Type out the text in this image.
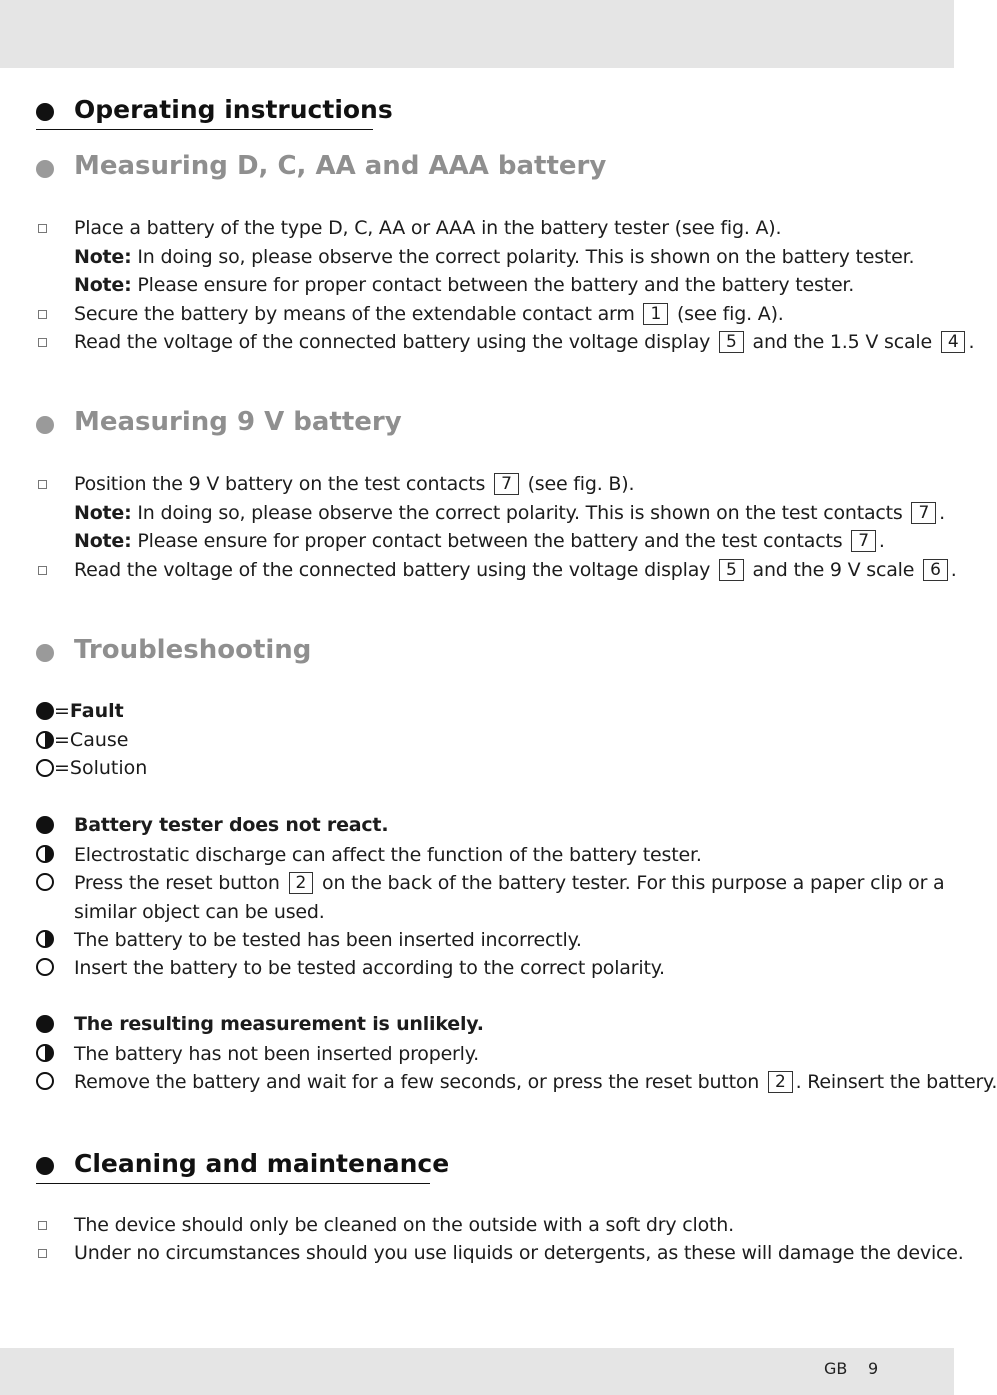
Operating instructions
Measuring D, C, AA and AAA battery
Place a battery of the type D, C, AA or AAA in the battery tester (see fig. A).
Note: In doing so, please observe the correct polarity. This is shown on the battery tester.
Note: Please ensure for proper contact between the battery and the battery tester.
Secure the battery by means of the extendable contact arm 1 (see fig. A).
Read the voltage of the connected battery using the voltage display 5 and the 1.5 V scale 4 .
Measuring 9 V battery
Position the 9 V battery on the test contacts 7 (see fig. B).
Note: In doing so, please observe the correct polarity. This is shown on the test contacts 7 .
Note: Please ensure for proper contact between the battery and the test contacts 7 .
Read the voltage of the connected battery using the voltage display 5 and the 9 V scale 6 .
Troubleshooting
=Fault
=Cause
=Solution
Battery tester does not react.
Electrostatic discharge can affect the function of the battery tester.
Press the reset button 2 on the back of the battery tester. For this purpose a paper clip or a
similar object can be used.
The battery to be tested has been inserted incorrectly.
Insert the battery to be tested according to the correct polarity.
The resulting measurement is unlikely.
The battery has not been inserted properly.
Remove the battery and wait for a few seconds, or press the reset button 2 . Reinsert the battery.
Cleaning and maintenance
The device should only be cleaned on the outside with a soft dry cloth.
Under no circumstances should you use liquids or detergents, as these will damage the device.
GB 9
